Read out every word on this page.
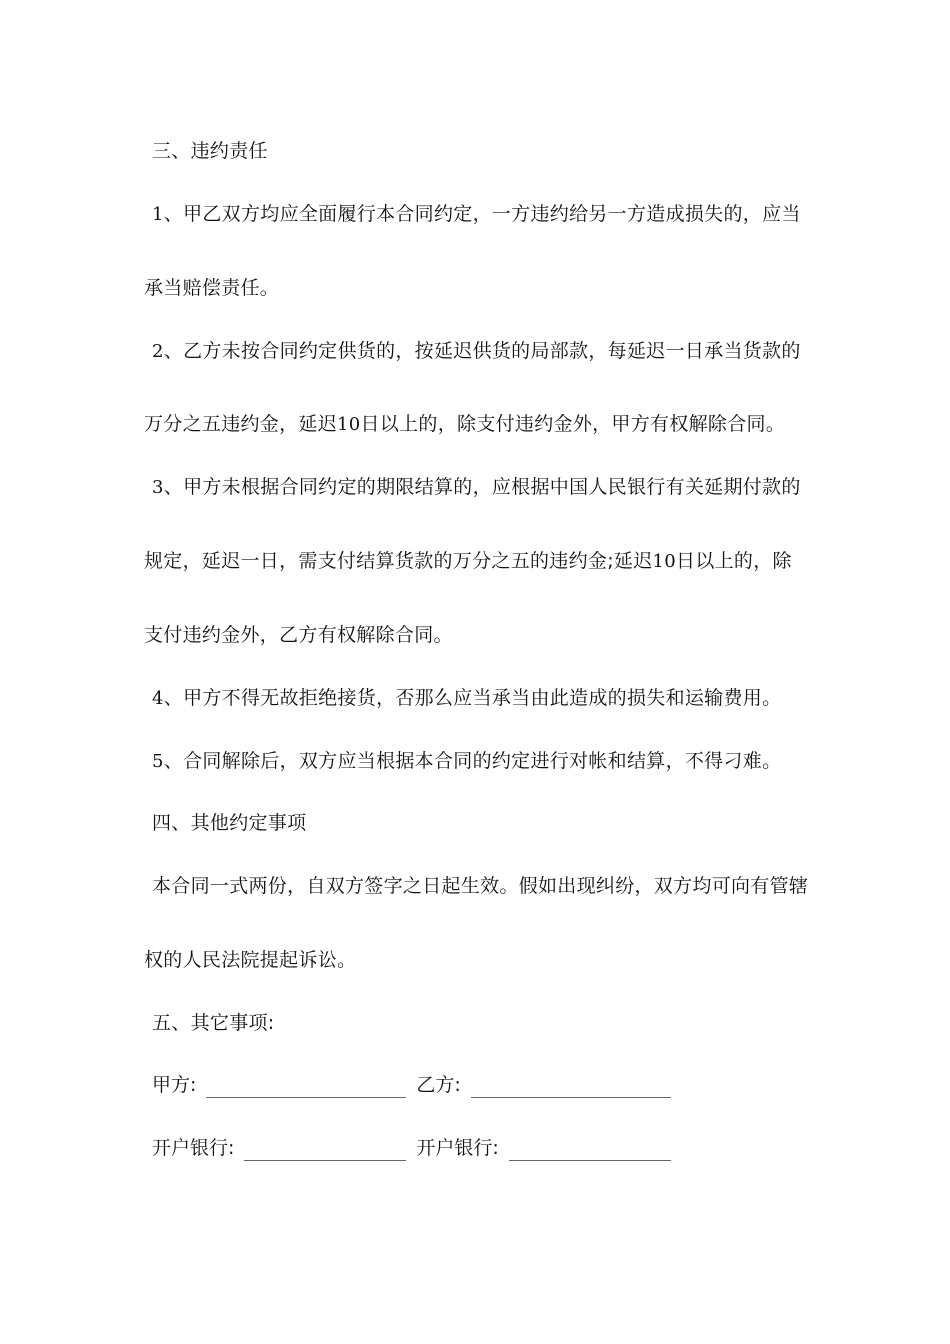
三、违约责任
1、甲乙双方均应全面履行本合同约定，一方违约给另一方造成损失的，应当
承当赔偿责任。
2、乙方未按合同约定供货的，按延迟供货的局部款，每延迟一日承当货款的
万分之五违约金，延迟10日以上的，除支付违约金外，甲方有权解除合同。
3、甲方未根据合同约定的期限结算的，应根据中国人民银行有关延期付款的
规定，延迟一日，需支付结算货款的万分之五的违约金;延迟10日以上的，除
支付违约金外，乙方有权解除合同。
4、甲方不得无故拒绝接货，否那么应当承当由此造成的损失和运输费用。
5、合同解除后，双方应当根据本合同的约定进行对帐和结算，不得刁难。
四、其他约定事项
本合同一式两份，自双方签字之日起生效。假如出现纠纷，双方均可向有管辖
权的人民法院提起诉讼。
五、其它事项:
甲方:	乙方:
开户银行:	开户银行:
